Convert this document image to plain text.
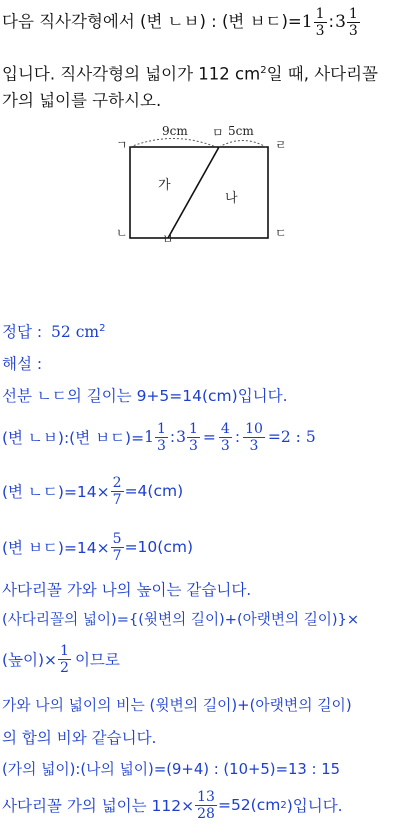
다음 직사각형에서 (변 ㄴㅂ) : (변 ㅂㄷ)= $1 \frac{1}{3}$ : $3 \frac{1}{3}$
입니다. 직사각형의 넓이가 112 $cm^2$일 때, 사다리꼴
가의 넓이를 구하시오.
ㄱ
ㅁ
ㄹ
ㄴ	ㅂ	ㄷ
9cm	5cm
가
나
정답 : 52 $cm^2$
해설 :
선분 ㄴㄷ의 길이는 9+5=14(cm)입니다.
(변 ㄴㅂ):(변 ㅂㄷ)= $1 \frac{1}{3}$ : $3 \frac{1}{3} = \frac{4}{3}$ : $\frac{10}{3} =2$ : 5
(변 ㄴㄷ)$=14\times \frac{2}{7} =4(cm)$
(변 ㅂㄷ)$=14\times \frac{5}{7} =10(cm)$
사다리꼴 가와 나의 높이는 같습니다.
(사다리꼴의 넓이)={(윗변의 길이)+(아랫변의 길이)}×
(높이)× $\frac{1}{2}$ 이므로
가와 나의 넓이의 비는 (윗변의 길이)+(아랫변의 길이)
의 합의 비와 같습니다.
(가의 넓이):(나의 넓이)=(9+4) : (10+5)=13 : 15
사다리꼴 가의 넓이는 $112\times \frac{13}{28} =52(cm$ 2 )입니다.
